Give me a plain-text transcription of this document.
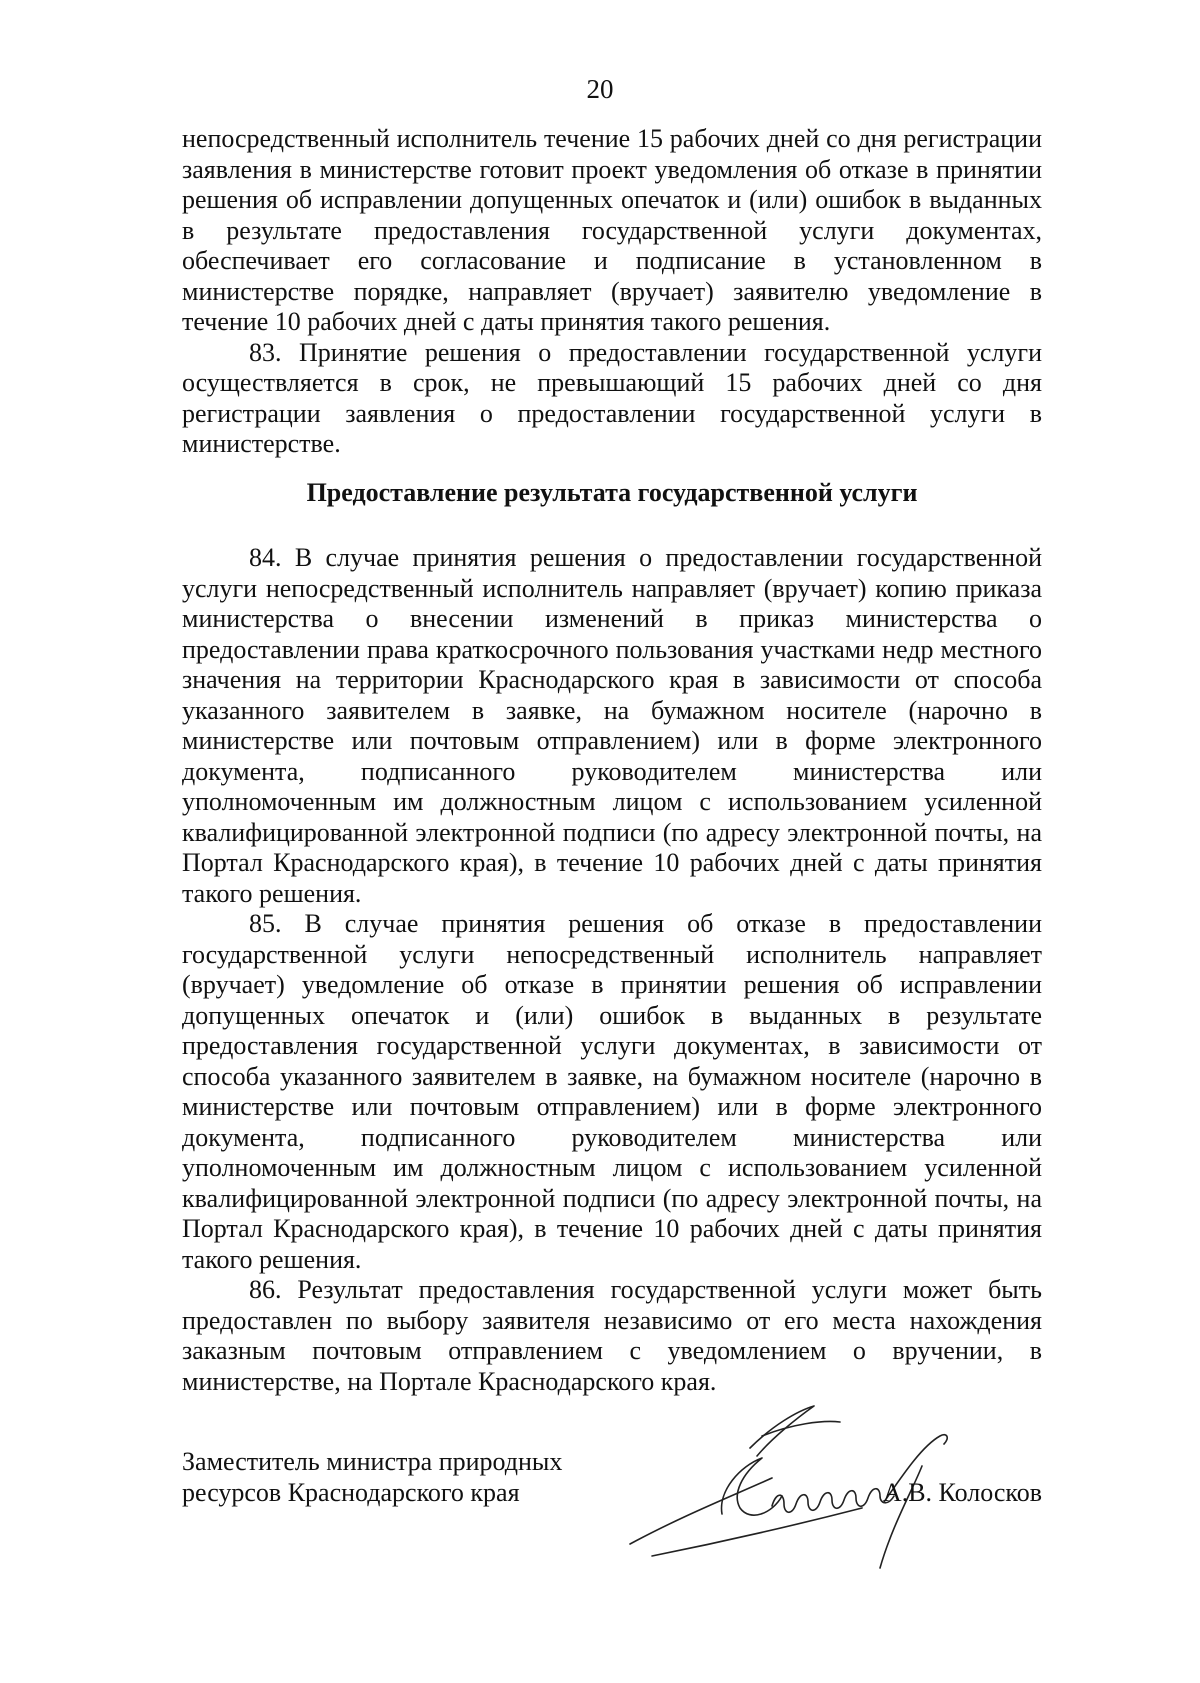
20

непосредственный исполнитель течение 15 рабочих дней со дня регистрации заявления в министерстве готовит проект уведомления об отказе в принятии решения об исправлении допущенных опечаток и (или) ошибок в выданных в результате предоставления государственной услуги документах, обеспечивает его согласование и подписание в установленном в министерстве порядке, направляет (вручает) заявителю уведомление в течение 10 рабочих дней с даты принятия такого решения.

83. Принятие решения о предоставлении государственной услуги осуществляется в срок, не превышающий 15 рабочих дней со дня регистрации заявления о предоставлении государственной услуги в министерстве.

Предоставление результата государственной услуги

84. В случае принятия решения о предоставлении государственной услуги непосредственный исполнитель направляет (вручает) копию приказа министерства о внесении изменений в приказ министерства о предоставлении права краткосрочного пользования участками недр местного значения на территории Краснодарского края в зависимости от способа указанного заявителем в заявке, на бумажном носителе (нарочно в министерстве или почтовым отправлением) или в форме электронного документа, подписанного руководителем министерства или уполномоченным им должностным лицом с использованием усиленной квалифицированной электронной подписи (по адресу электронной почты, на Портал Краснодарского края), в течение 10 рабочих дней с даты принятия такого решения.

85. В случае принятия решения об отказе в предоставлении государственной услуги непосредственный исполнитель направляет (вручает) уведомление об отказе в принятии решения об исправлении допущенных опечаток и (или) ошибок в выданных в результате предоставления государственной услуги документах, в зависимости от способа указанного заявителем в заявке, на бумажном носителе (нарочно в министерстве или почтовым отправлением) или в форме электронного документа, подписанного руководителем министерства или уполномоченным им должностным лицом с использованием усиленной квалифицированной электронной подписи (по адресу электронной почты, на Портал Краснодарского края), в течение 10 рабочих дней с даты принятия такого решения.

86. Результат предоставления государственной услуги может быть предоставлен по выбору заявителя независимо от его места нахождения заказным почтовым отправлением с уведомлением о вручении, в министерстве, на Портале Краснодарского края.

Заместитель министра природных
ресурсов Краснодарского края	А.В. Колосков
